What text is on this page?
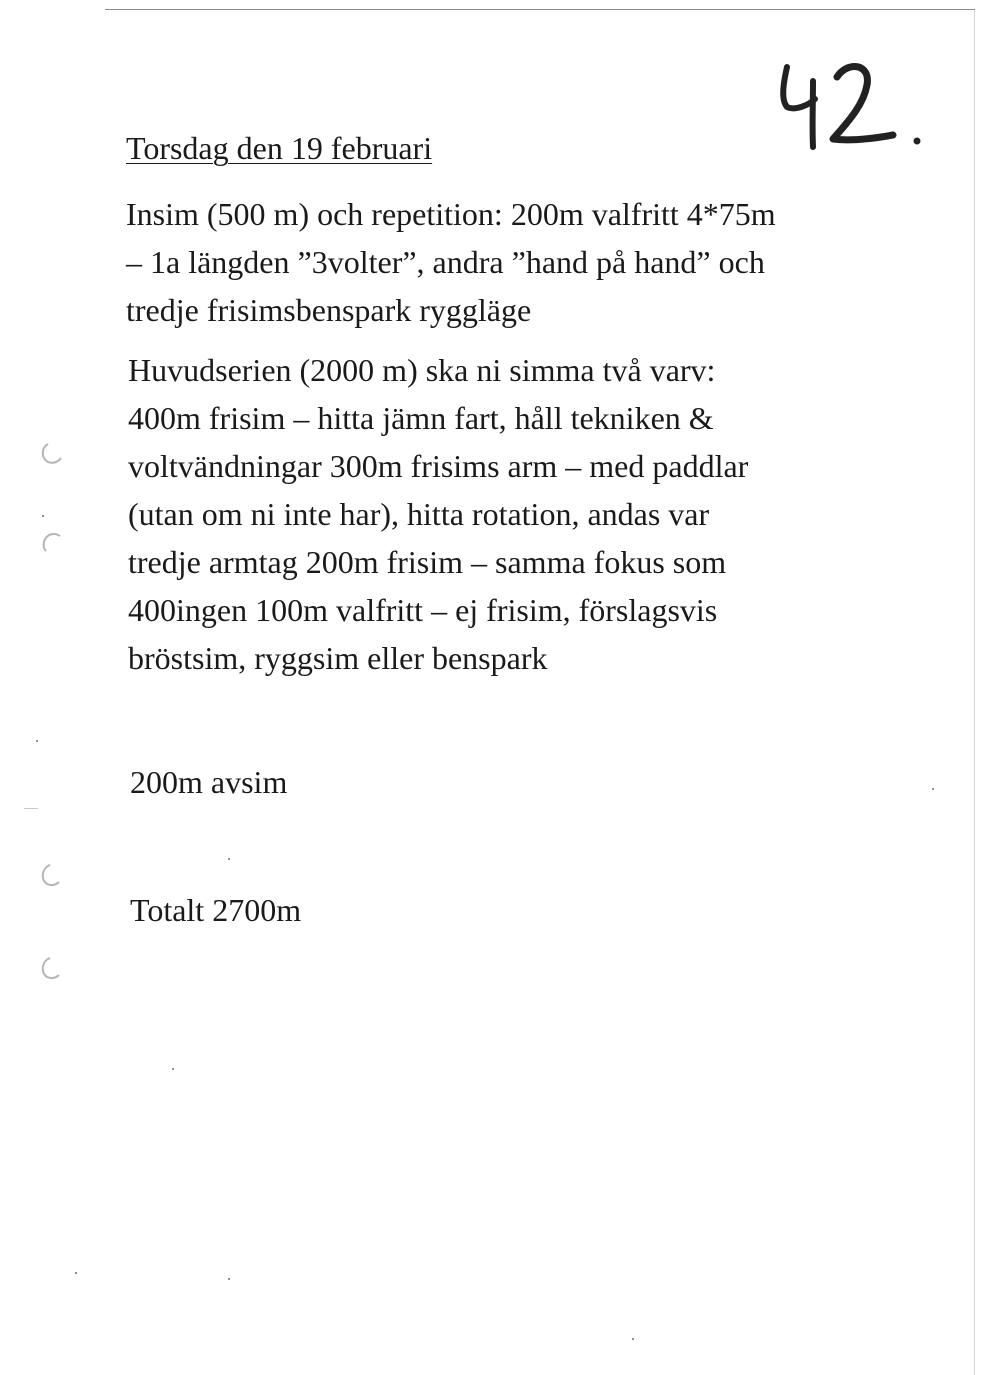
Torsdag den 19 februari
Insim (500 m) och repetition: 200m valfritt 4*75m
– 1a längden ”3volter”, andra ”hand på hand” och
tredje frisimsbenspark ryggläge
Huvudserien (2000 m) ska ni simma två varv:
400m frisim – hitta jämn fart, håll tekniken &
voltvändningar 300m frisims arm – med paddlar
(utan om ni inte har), hitta rotation, andas var
tredje armtag 200m frisim – samma fokus som
400ingen 100m valfritt – ej frisim, förslagsvis
bröstsim, ryggsim eller benspark
200m avsim
Totalt 2700m
